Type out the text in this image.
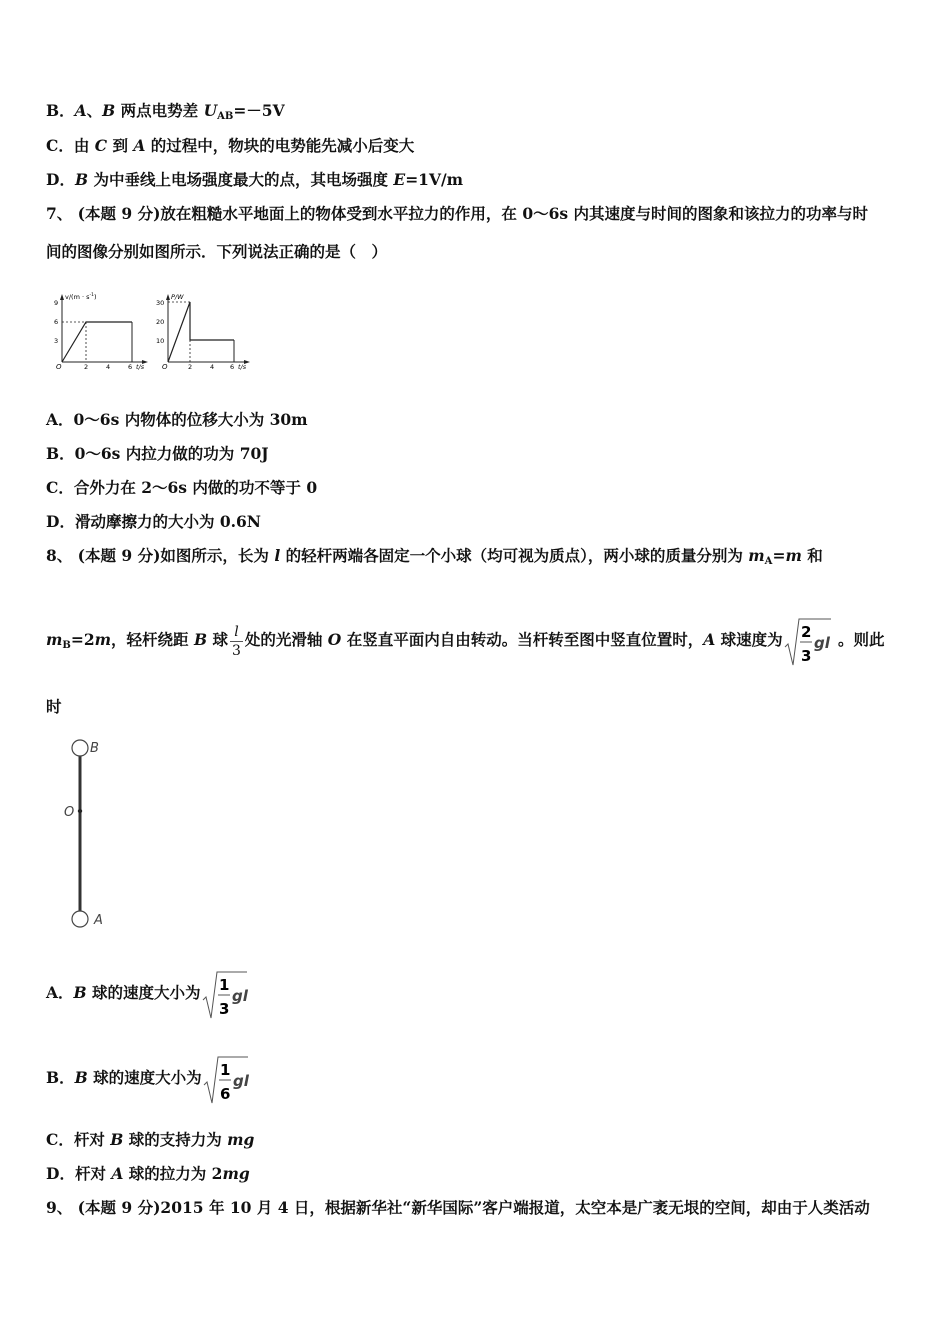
B．A、B 两点电势差 $U_{AB}=-5V$
C．由 C 到 A 的过程中，物块的电势能先减小后变大
D．B 为中垂线上电场强度最大的点，其电场强度 E=1V/m
7、 (本题 9 分)放在粗糙水平地面上的物体受到水平拉力的作用，在 0～6s 内其速度与时间的图象和该拉力的功率与时
间的图像分别如图所示．下列说法正确的是（　）
$v/(m \cdot s^{-1})$
9
6
3
O	2	4	6 t/s
P/W
30
20
10
O	2	4 6 t/s
A．0～6s 内物体的位移大小为 30m
B．0～6s 内拉力做的功为 70J
C．合外力在 2～6s 内做的功不等于 0
D．滑动摩擦力的大小为 0.6N
8、 (本题 9 分)如图所示，长为 l 的轻杆两端各固定一个小球（均可视为质点），两小球的质量分别为 $m_A=m$ 和
$m_B=2m$，轻杆绕距 B 球 $\frac{l}{3}$ 处的光滑轴 O 在竖直平面内自由转动。当杆转至图中竖直位置时，A 球速度为 2
3
gl 。则此
时
B
O
A
A．B 球的速度大小为 1
3
gl
B．B 球的速度大小为 1
6
gl
C．杆对 B 球的支持力为 mg
D．杆对 A 球的拉力为 2mg
9、 (本题 9 分)2015 年 10 月 4 日，根据新华社“新华国际”客户端报道，太空本是广袤无垠的空间，却由于人类活动
